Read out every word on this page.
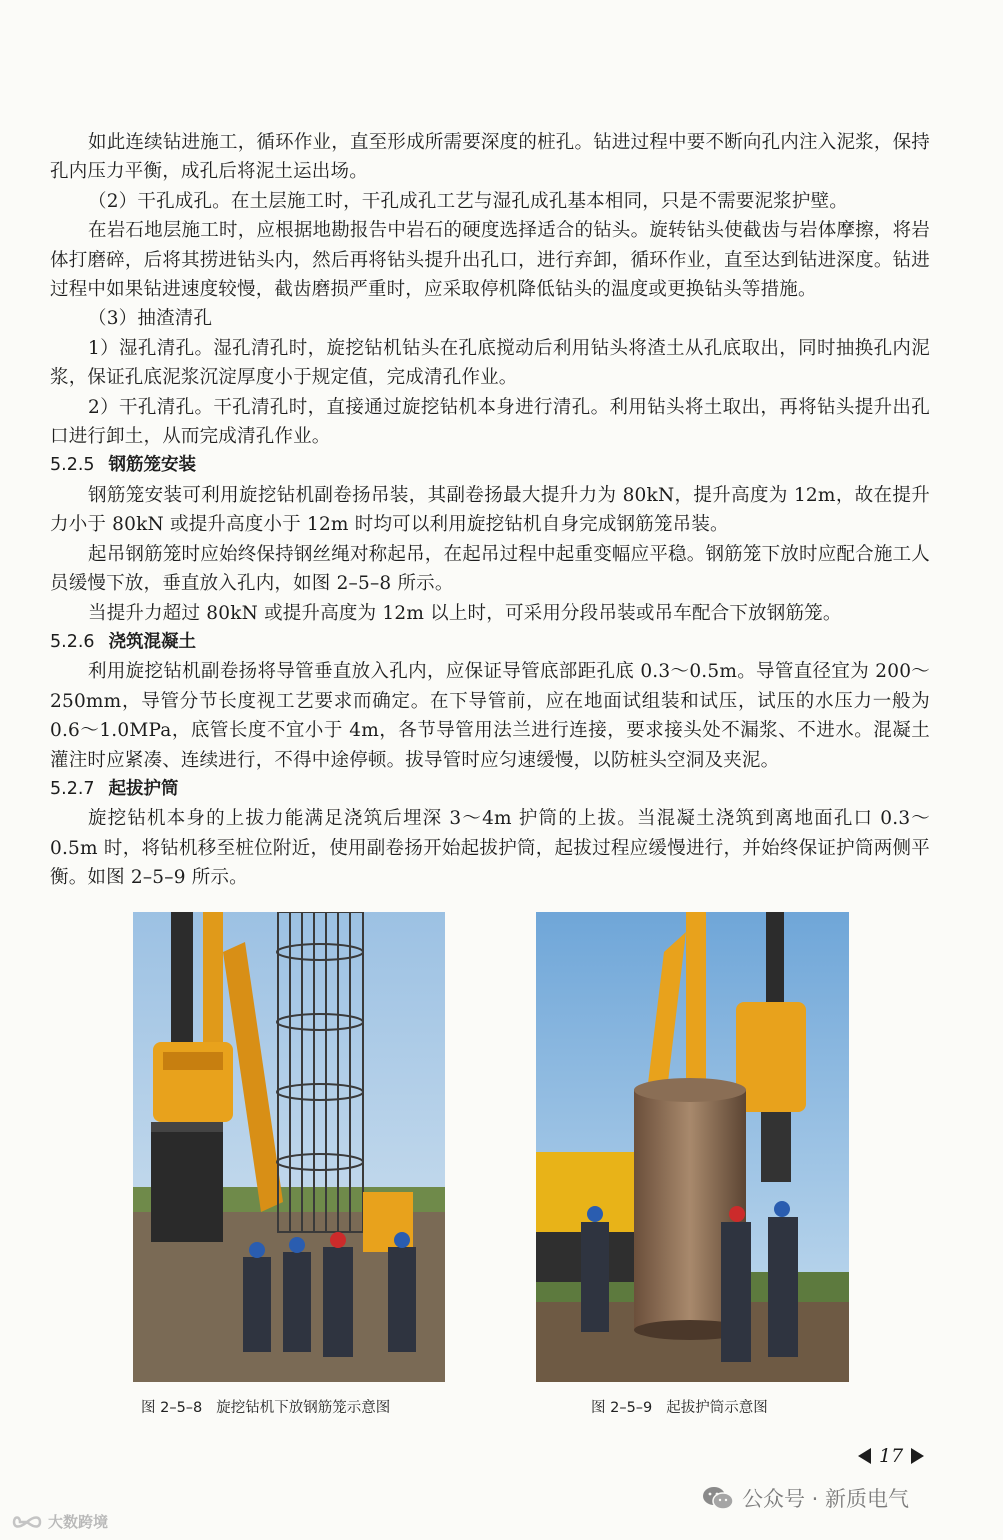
如此连续钻进施工，循环作业，直至形成所需要深度的桩孔。钻进过程中要不断向孔内注入泥浆，保持孔内压力平衡，成孔后将泥土运出场。

（2）干孔成孔。在土层施工时，干孔成孔工艺与湿孔成孔基本相同，只是不需要泥浆护壁。

在岩石地层施工时，应根据地勘报告中岩石的硬度选择适合的钻头。旋转钻头使截齿与岩体摩擦，将岩体打磨碎，后将其捞进钻头内，然后再将钻头提升出孔口，进行弃卸，循环作业，直至达到钻进深度。钻进过程中如果钻进速度较慢，截齿磨损严重时，应采取停机降低钻头的温度或更换钻头等措施。

（3）抽渣清孔

1）湿孔清孔。湿孔清孔时，旋挖钻机钻头在孔底搅动后利用钻头将渣土从孔底取出，同时抽换孔内泥浆，保证孔底泥浆沉淀厚度小于规定值，完成清孔作业。

2）干孔清孔。干孔清孔时，直接通过旋挖钻机本身进行清孔。利用钻头将土取出，再将钻头提升出孔口进行卸土，从而完成清孔作业。

5.2.5 钢筋笼安装

钢筋笼安装可利用旋挖钻机副卷扬吊装，其副卷扬最大提升力为 80kN，提升高度为 12m，故在提升力小于 80kN 或提升高度小于 12m 时均可以利用旋挖钻机自身完成钢筋笼吊装。

起吊钢筋笼时应始终保持钢丝绳对称起吊，在起吊过程中起重变幅应平稳。钢筋笼下放时应配合施工人员缓慢下放，垂直放入孔内，如图 2–5–8 所示。

当提升力超过 80kN 或提升高度为 12m 以上时，可采用分段吊装或吊车配合下放钢筋笼。

5.2.6 浇筑混凝土

利用旋挖钻机副卷扬将导管垂直放入孔内，应保证导管底部距孔底 0.3～0.5m。导管直径宜为 200～250mm，导管分节长度视工艺要求而确定。在下导管前，应在地面试组装和试压，试压的水压力一般为 0.6～1.0MPa，底管长度不宜小于 4m，各节导管用法兰进行连接，要求接头处不漏浆、不进水。混凝土灌注时应紧凑、连续进行，不得中途停顿。拔导管时应匀速缓慢，以防桩头空洞及夹泥。

5.2.7 起拔护筒

旋挖钻机本身的上拔力能满足浇筑后埋深 3～4m 护筒的上拔。当混凝土浇筑到离地面孔口 0.3～0.5m 时，将钻机移至桩位附近，使用副卷扬开始起拔护筒，起拔过程应缓慢进行，并始终保证护筒两侧平衡。如图 2–5–9 所示。

图 2–5–8 旋挖钻机下放钢筋笼示意图	图 2–5–9 起拔护筒示意图
17
公众号 · 新质电气
大数跨境
